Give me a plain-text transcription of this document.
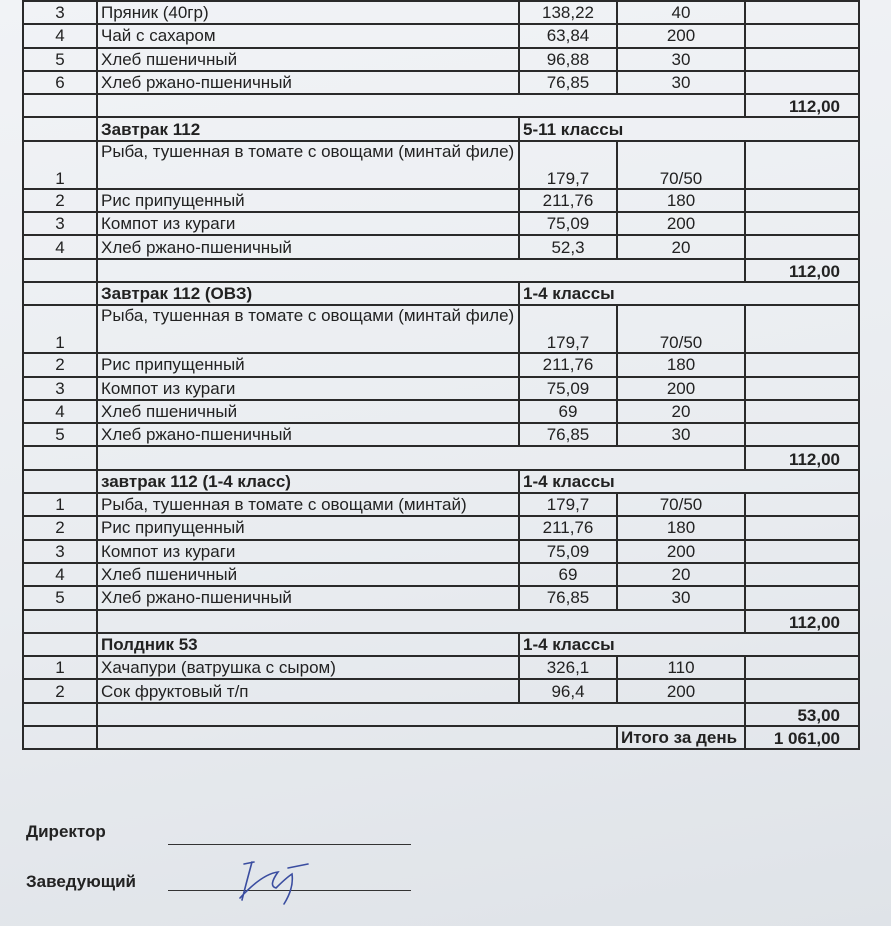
3	Пряник (40гр)	138,22	40	
4	Чай с сахаром	63,84	200	
5	Хлеб пшеничный	96,88	30	
6	Хлеб ржано-пшеничный	76,85	30	
				112,00
	Завтрак 112	5-11 классы		
1	Рыба, тушенная в томате с овощами (минтай филе)	179,7	70/50	
2	Рис припущенный	211,76	180	
3	Компот из кураги	75,09	200	
4	Хлеб ржано-пшеничный	52,3	20	
				112,00
	Завтрак 112 (ОВЗ)	1-4 классы		
1	Рыба, тушенная в томате с овощами (минтай филе)	179,7	70/50	
2	Рис припущенный	211,76	180	
3	Компот из кураги	75,09	200	
4	Хлеб пшеничный	69	20	
5	Хлеб ржано-пшеничный	76,85	30	
				112,00
	завтрак 112 (1-4 класс)	1-4 классы		
1	Рыба, тушенная в томате с овощами (минтай)	179,7	70/50	
2	Рис припущенный	211,76	180	
3	Компот из кураги	75,09	200	
4	Хлеб пшеничный	69	20	
5	Хлеб ржано-пшеничный	76,85	30	
				112,00
	Полдник 53	1-4 классы		
1	Хачапури (ватрушка с сыром)	326,1	110	
2	Сок фруктовый т/п	96,4	200	
				53,00
			Итого за день	1 061,00
Директор
Заведующий
